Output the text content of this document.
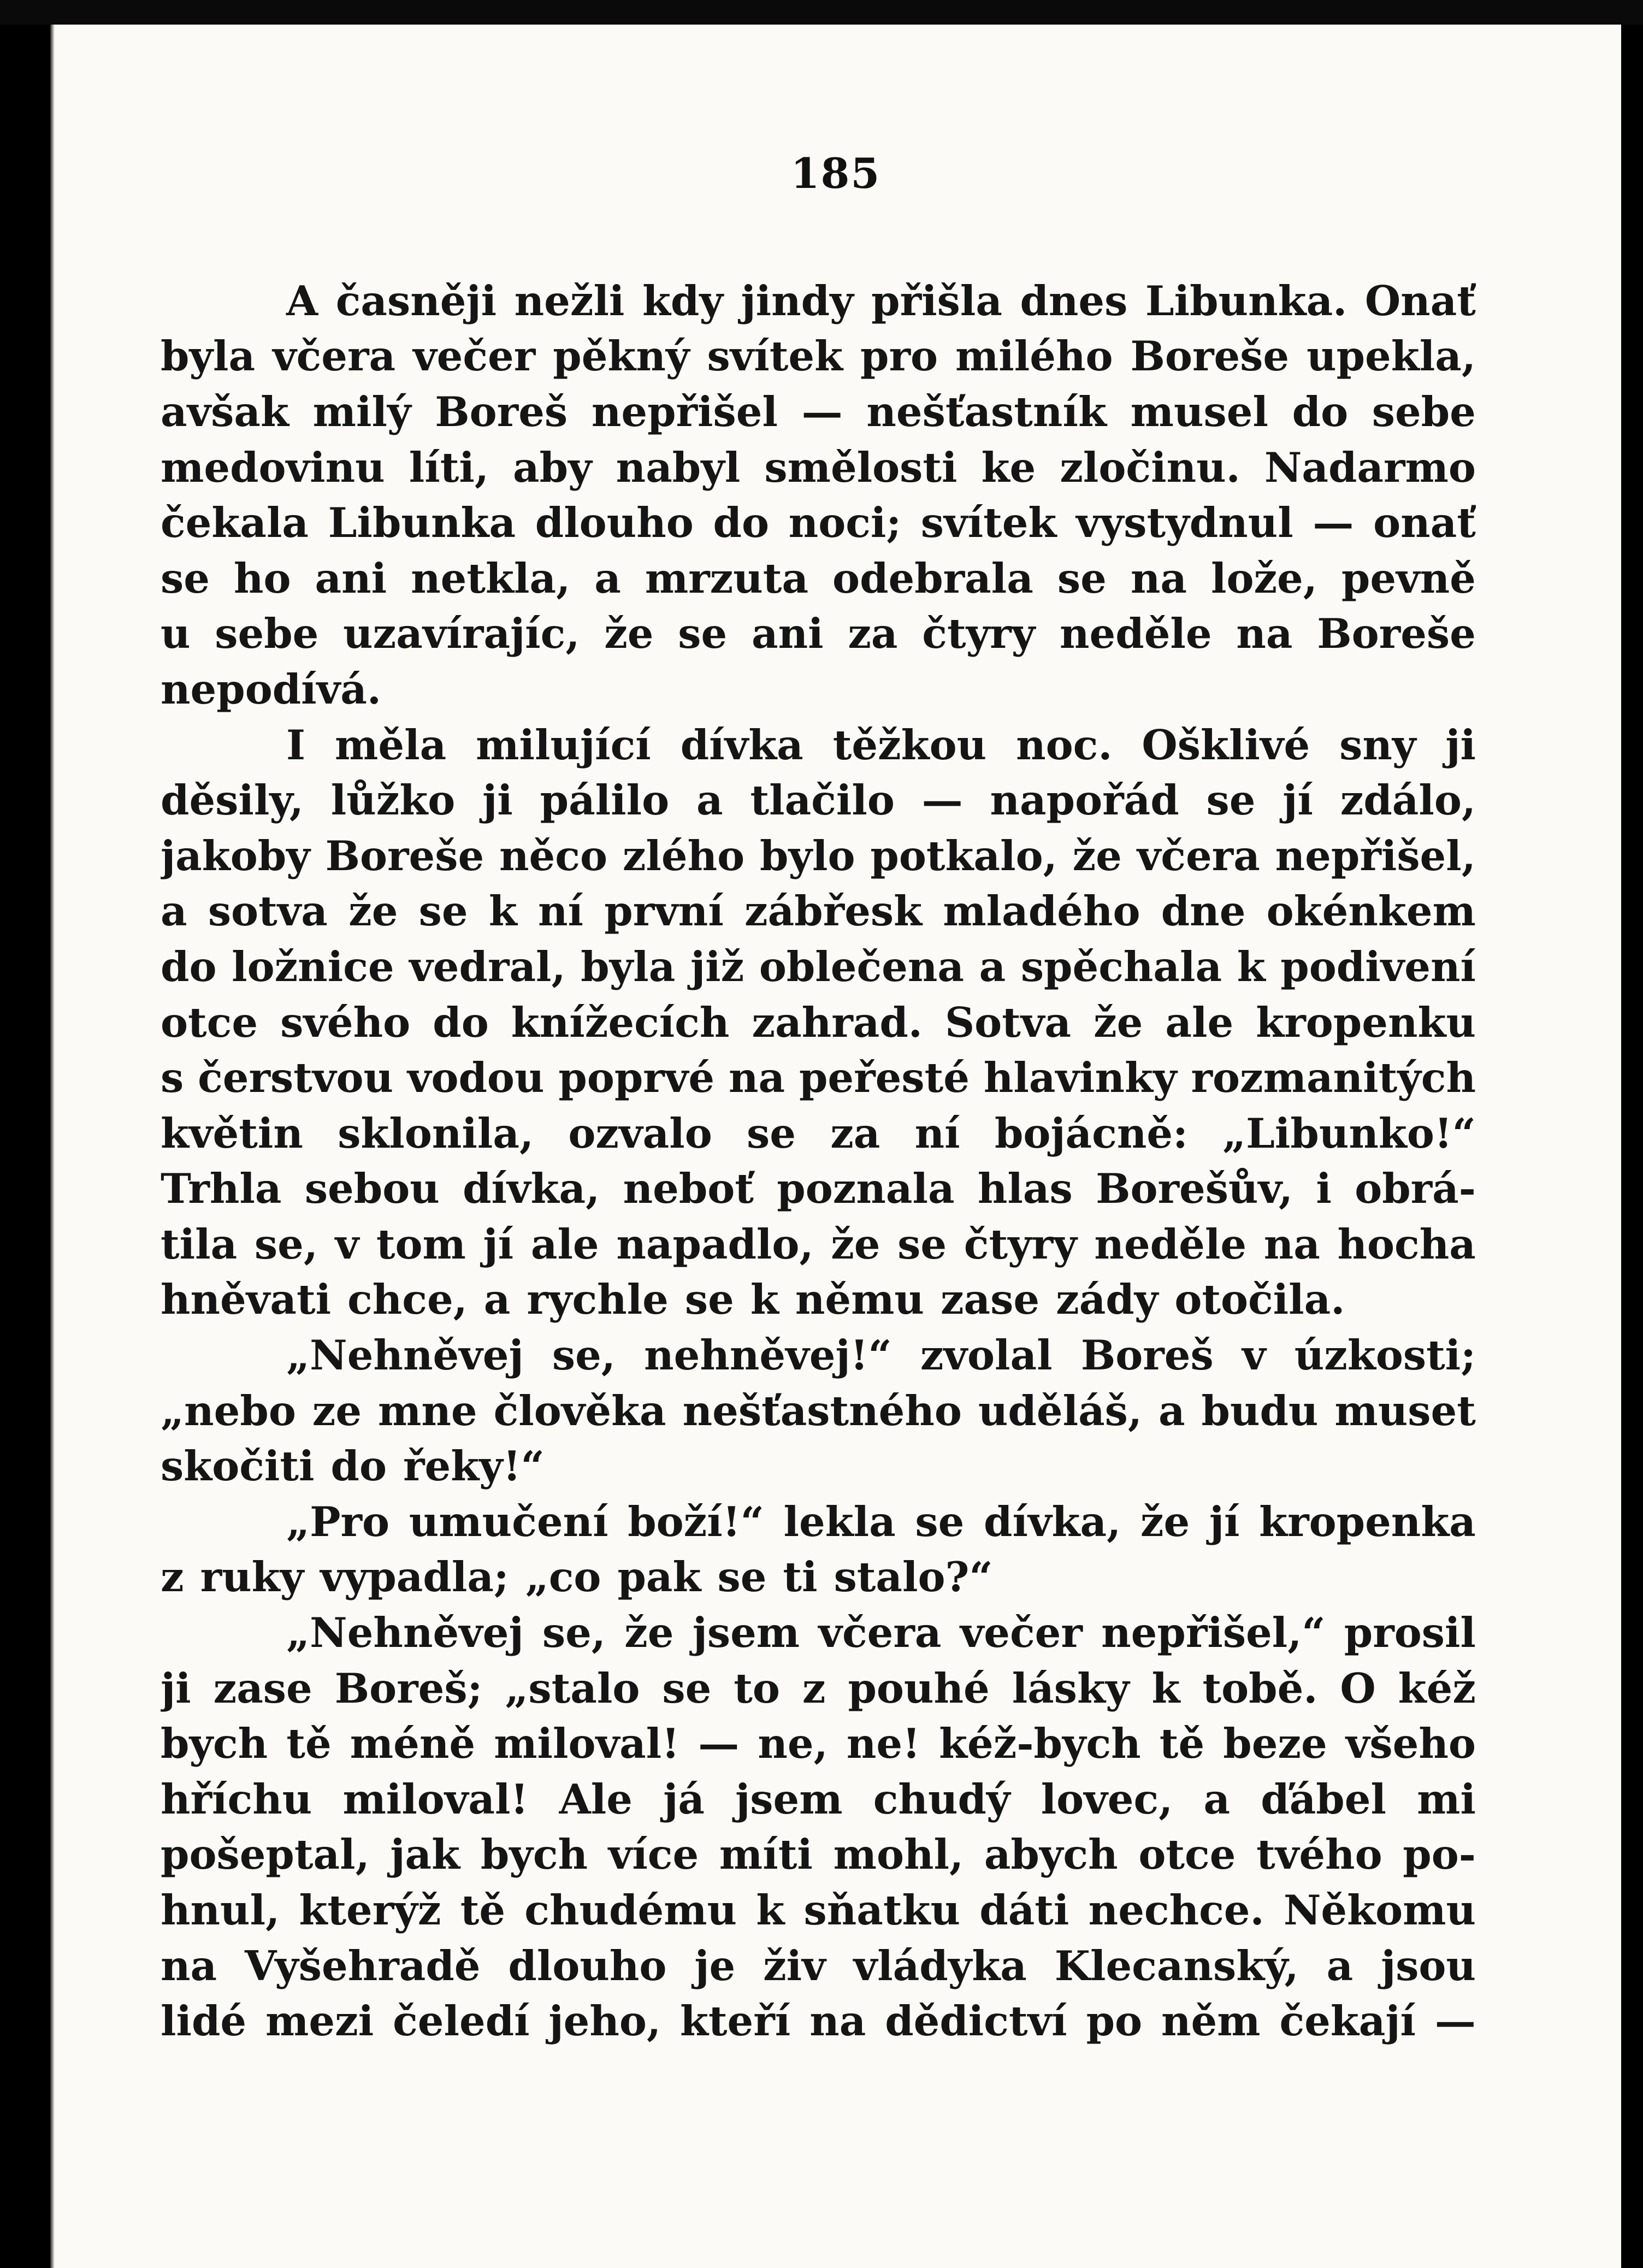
185
A časněji nežli kdy jindy přišla dnes Libunka. Onať
byla včera večer pěkný svítek pro milého Boreše upekla,
avšak milý Boreš nepřišel — nešťastník musel do sebe
medovinu líti, aby nabyl smělosti ke zločinu. Nadarmo
čekala Libunka dlouho do noci; svítek vystydnul — onať
se ho ani netkla, a mrzuta odebrala se na lože, pevně
u sebe uzavírajíc, že se ani za čtyry neděle na Boreše
nepodívá.
I měla milující dívka těžkou noc. Ošklivé sny ji
děsily, lůžko ji pálilo a tlačilo — napořád se jí zdálo,
jakoby Boreše něco zlého bylo potkalo, že včera nepřišel,
a sotva že se k ní první zábřesk mladého dne okénkem
do ložnice vedral, byla již oblečena a spěchala k podivení
otce svého do knížecích zahrad. Sotva že ale kropenku
s čerstvou vodou poprvé na peřesté hlavinky rozmanitých
květin sklonila, ozvalo se za ní bojácně: „Libunko!“
Trhla sebou dívka, neboť poznala hlas Borešův, i obrá-
tila se, v tom jí ale napadlo, že se čtyry neděle na hocha
hněvati chce, a rychle se k němu zase zády otočila.
„Nehněvej se, nehněvej!“ zvolal Boreš v úzkosti;
„nebo ze mne člověka nešťastného uděláš, a budu muset
skočiti do řeky!“
„Pro umučení boží!“ lekla se dívka, že jí kropenka
z ruky vypadla; „co pak se ti stalo?“
„Nehněvej se, že jsem včera večer nepřišel,“ prosil
ji zase Boreš; „stalo se to z pouhé lásky k tobě. O kéž
bych tě méně miloval! — ne, ne! kéž-bych tě beze všeho
hříchu miloval! Ale já jsem chudý lovec, a ďábel mi
pošeptal, jak bych více míti mohl, abych otce tvého po-
hnul, kterýž tě chudému k sňatku dáti nechce. Někomu
na Vyšehradě dlouho je živ vládyka Klecanský, a jsou
lidé mezi čeledí jeho, kteří na dědictví po něm čekají —
